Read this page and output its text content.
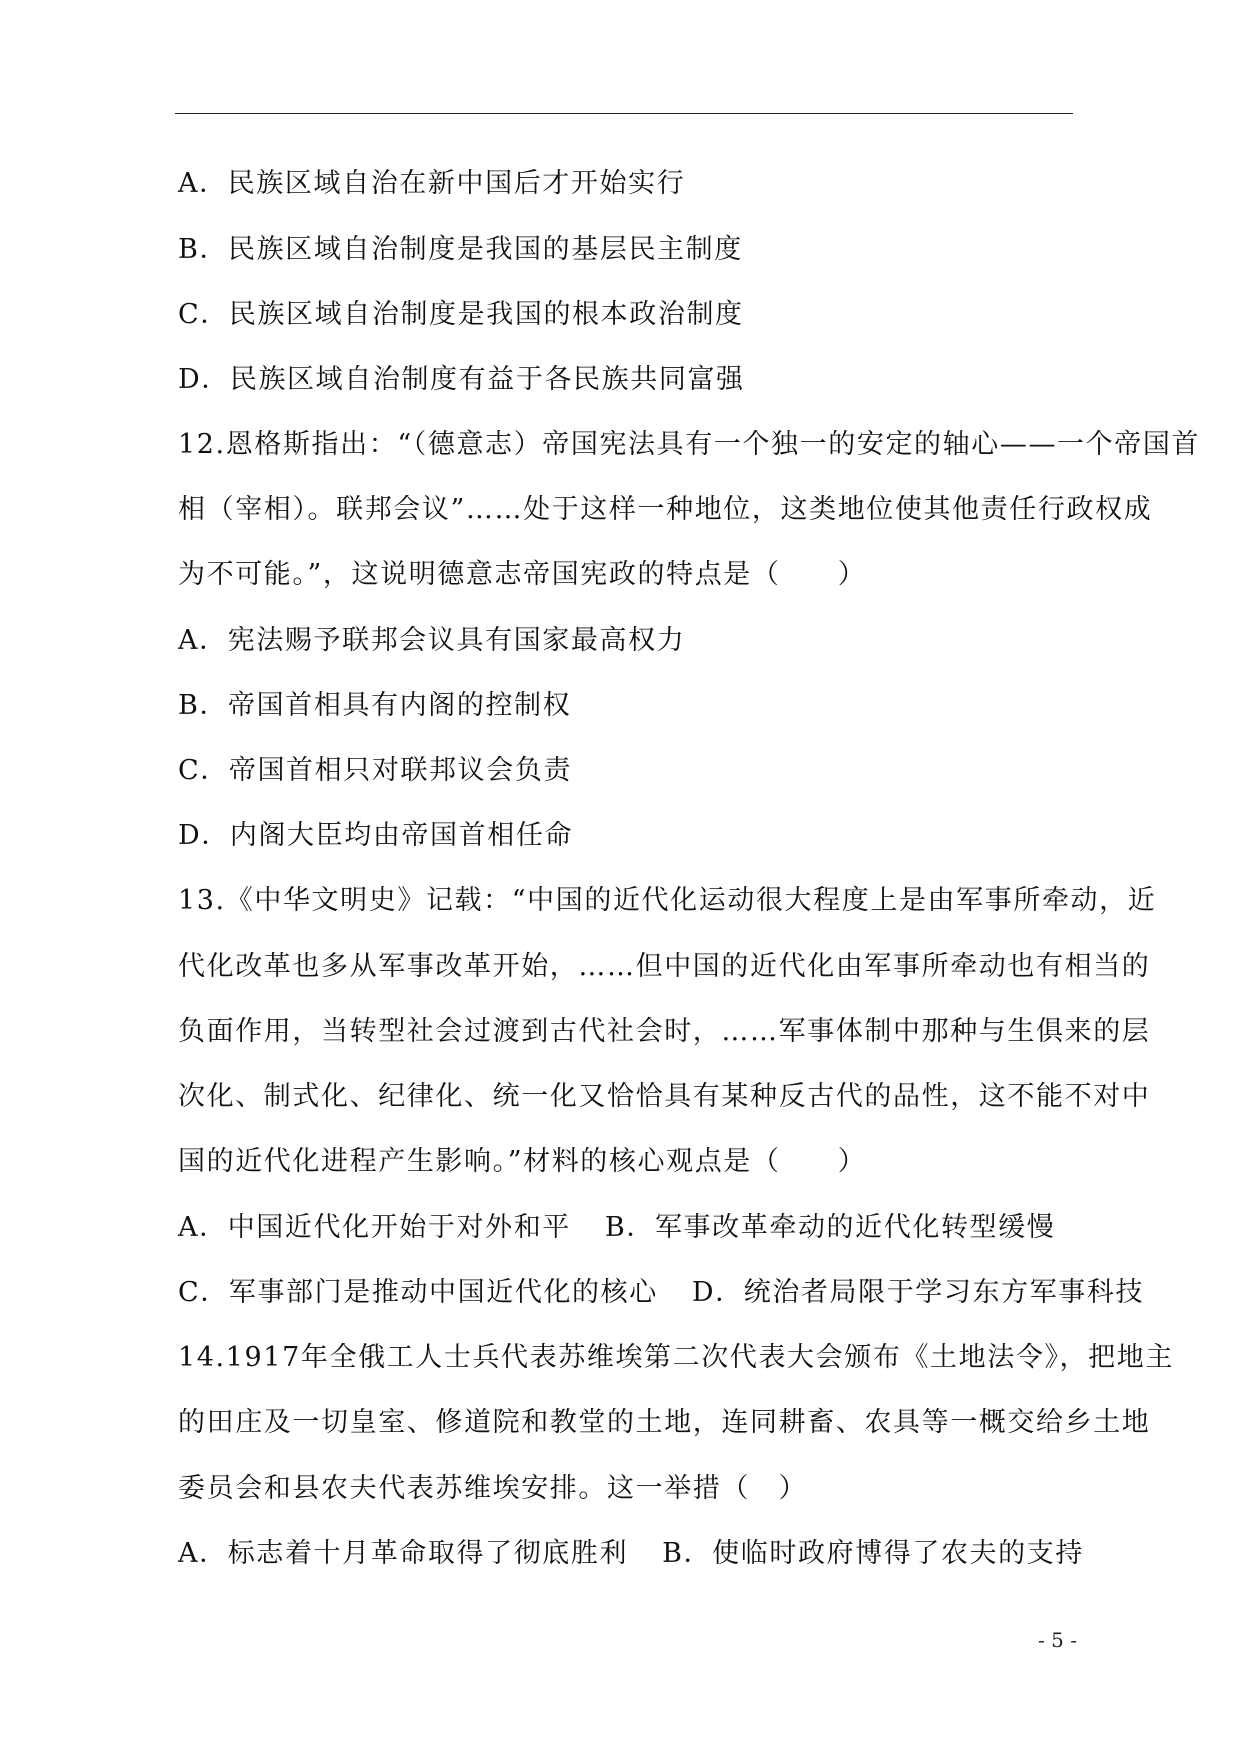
A．民族区域自治在新中国后才开始实行
B．民族区域自治制度是我国的基层民主制度
C．民族区域自治制度是我国的根本政治制度
D．民族区域自治制度有益于各民族共同富强
12.恩格斯指出：“（德意志）帝国宪法具有一个独一的安定的轴心——一个帝国首
相（宰相）。联邦会议”……处于这样一种地位，这类地位使其他责任行政权成
为不可能。”，这说明德意志帝国宪政的特点是（　　）
A．宪法赐予联邦会议具有国家最高权力
B．帝国首相具有内阁的控制权
C．帝国首相只对联邦议会负责
D．内阁大臣均由帝国首相任命
13.《中华文明史》记载：“中国的近代化运动很大程度上是由军事所牵动，近
代化改革也多从军事改革开始，……但中国的近代化由军事所牵动也有相当的
负面作用，当转型社会过渡到古代社会时，……军事体制中那种与生俱来的层
次化、制式化、纪律化、统一化又恰恰具有某种反古代的品性，这不能不对中
国的近代化进程产生影响。”材料的核心观点是（　　）
A．中国近代化开始于对外和平 B．军事改革牵动的近代化转型缓慢
C．军事部门是推动中国近代化的核心 D．统治者局限于学习东方军事科技
14.1917年全俄工人士兵代表苏维埃第二次代表大会颁布《土地法令》，把地主
的田庄及一切皇室、修道院和教堂的土地，连同耕畜、农具等一概交给乡土地
委员会和县农夫代表苏维埃安排。这一举措（　）
A．标志着十月革命取得了彻底胜利 B．使临时政府博得了农夫的支持
- 5 -
